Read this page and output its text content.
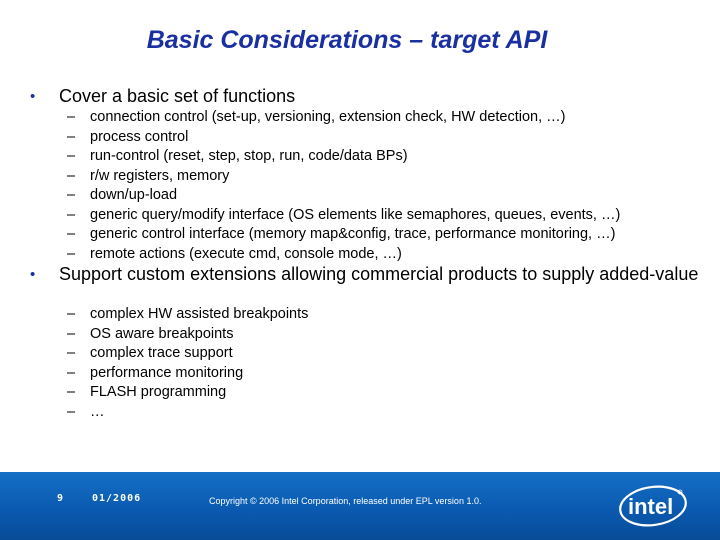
Basic Considerations – target API
• Cover a basic set of functions
– connection control (set-up, versioning, extension check, HW detection, …)
– process control
– run-control (reset, step, stop, run, code/data BPs)
– r/w registers, memory
– down/up-load
– generic query/modify interface (OS elements like semaphores, queues, events, …)
– generic control interface (memory map&config, trace, performance monitoring, …)
– remote actions (execute cmd, console mode, …)
• Support custom extensions allowing commercial products to supply added-value
– complex HW assisted breakpoints
– OS aware breakpoints
– complex trace support
– performance monitoring
– FLASH programming
– …
9	01/2006	Copyright © 2006 Intel Corporation, released under EPL version 1.0.	intel
